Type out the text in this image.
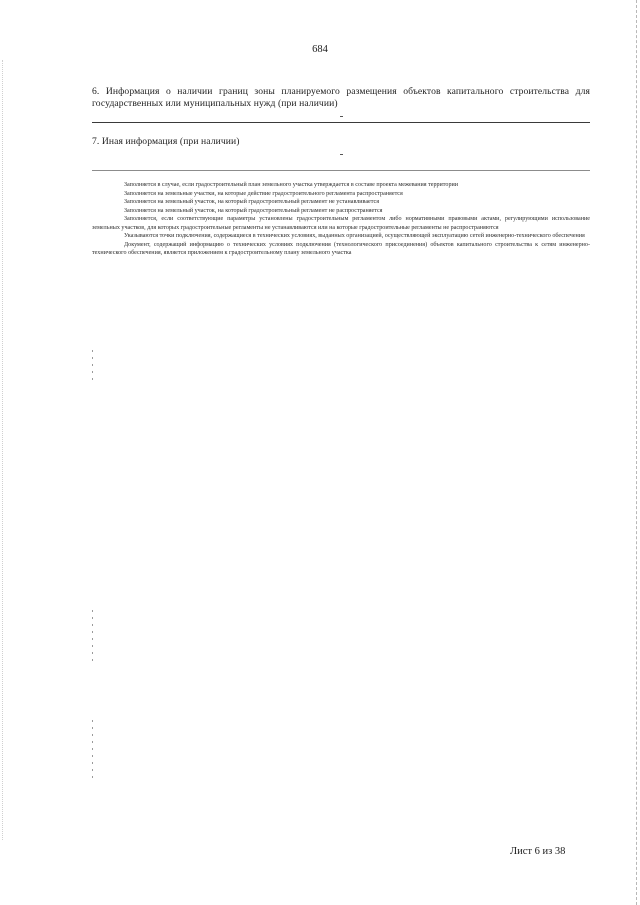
684
6. Информация о наличии границ зоны планируемого размещения объектов капитального строительства для государственных или муниципальных нужд (при наличии)
7. Иная информация (при наличии)

Заполняется в случае, если градостроительный план земельного участка утверждается в составе проекта межевания территории

Заполняется на земельные участки, на которые действие градостроительного регламента распространяется

Заполняется на земельный участок, на который градостроительный регламент не устанавливается

Заполняется на земельный участок, на который градостроительный регламент не распространяется

Заполняется, если соответствующие параметры установлены градостроительным регламентом либо нормативными правовыми актами, регулирующими использование земельных участков, для которых градостроительные регламенты не устанавливаются или на которые градостроительные регламенты не распространяются

Указываются точки подключения, содержащиеся в технических условиях, выданных организацией, осуществляющей эксплуатацию сетей инженерно-технического обеспечения

Документ, содержащий информацию о технических условиях подключения (технологического присоединения) объектов капитального строительства к сетям инженерно-технического обеспечения, является приложением к градостроительному плану земельного участка

Лист 6 из 38
